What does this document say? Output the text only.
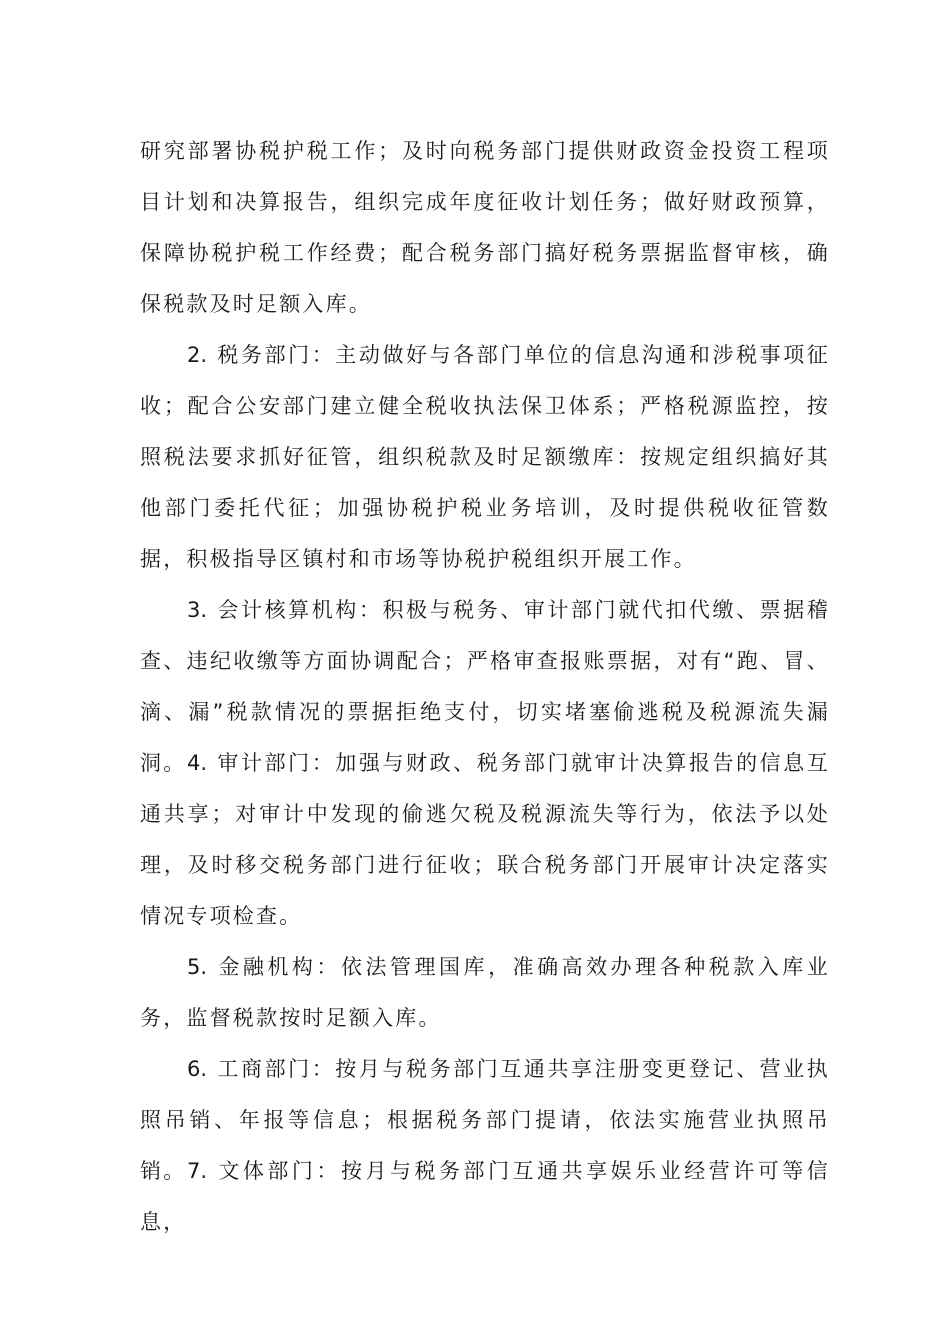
研究部署协税护税工作；及时向税务部门提供财政资金投资工程项目计划和决算报告，组织完成年度征收计划任务；做好财政预算，保障协税护税工作经费；配合税务部门搞好税务票据监督审核，确保税款及时足额入库。

2. 税务部门：主动做好与各部门单位的信息沟通和涉税事项征收；配合公安部门建立健全税收执法保卫体系；严格税源监控，按照税法要求抓好征管，组织税款及时足额缴库：按规定组织搞好其他部门委托代征；加强协税护税业务培训，及时提供税收征管数据，积极指导区镇村和市场等协税护税组织开展工作。

3. 会计核算机构：积极与税务、审计部门就代扣代缴、票据稽查、违纪收缴等方面协调配合；严格审查报账票据，对有“跑、冒、滴、漏”税款情况的票据拒绝支付，切实堵塞偷逃税及税源流失漏洞。 4. 审计部门：加强与财政、税务部门就审计决算报告的信息互通共享；对审计中发现的偷逃欠税及税源流失等行为，依法予以处理，及时移交税务部门进行征收；联合税务部门开展审计决定落实情况专项检查。

5. 金融机构：依法管理国库，准确高效办理各种税款入库业务，监督税款按时足额入库。

6. 工商部门：按月与税务部门互通共享注册变更登记、营业执照吊销、年报等信息；根据税务部门提请，依法实施营业执照吊销。 7. 文体部门：按月与税务部门互通共享娱乐业经营许可等信息，
